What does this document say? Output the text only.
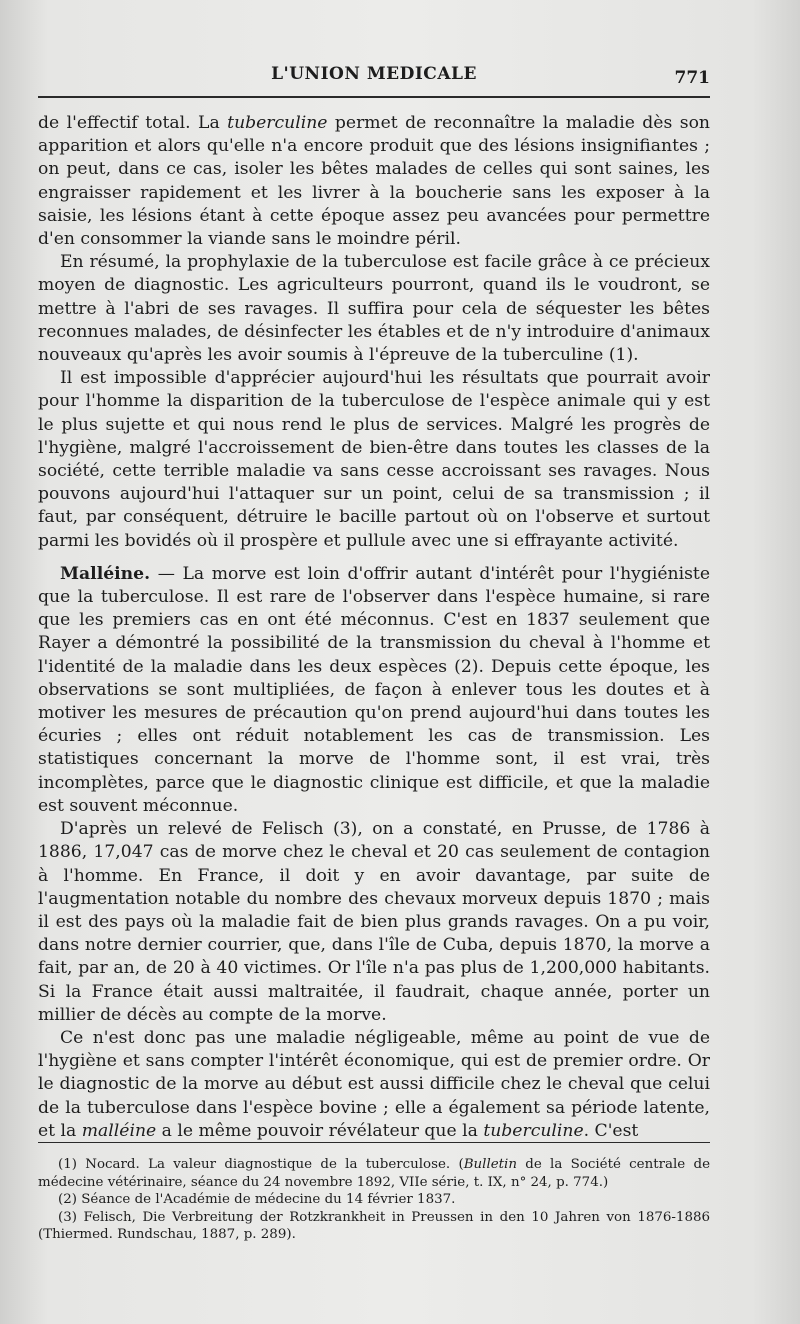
L'UNION MEDICALE	771

de l'effectif total. La tuberculine permet de reconnaître la maladie dès son apparition et alors qu'elle n'a encore produit que des lésions insignifiantes ; on peut, dans ce cas, isoler les bêtes malades de celles qui sont saines, les engraisser rapidement et les livrer à la boucherie sans les exposer à la saisie, les lésions étant à cette époque assez peu avancées pour permettre d'en consommer la viande sans le moindre péril.

En résumé, la prophylaxie de la tuberculose est facile grâce à ce précieux moyen de diagnostic. Les agriculteurs pourront, quand ils le voudront, se mettre à l'abri de ses ravages. Il suffira pour cela de séquester les bêtes reconnues malades, de désinfecter les étables et de n'y introduire d'animaux nouveaux qu'après les avoir soumis à l'épreuve de la tuberculine (1).

Il est impossible d'apprécier aujourd'hui les résultats que pourrait avoir pour l'homme la disparition de la tuberculose de l'espèce animale qui y est le plus sujette et qui nous rend le plus de services. Malgré les progrès de l'hygiène, malgré l'accroissement de bien-être dans toutes les classes de la société, cette terrible maladie va sans cesse accroissant ses ravages. Nous pouvons aujourd'hui l'attaquer sur un point, celui de sa transmission ; il faut, par conséquent, détruire le bacille partout où on l'observe et surtout parmi les bovidés où il prospère et pullule avec une si effrayante activité.

Malléine. — La morve est loin d'offrir autant d'intérêt pour l'hygiéniste que la tuberculose. Il est rare de l'observer dans l'espèce humaine, si rare que les premiers cas en ont été méconnus. C'est en 1837 seulement que Rayer a démontré la possibilité de la transmission du cheval à l'homme et l'identité de la maladie dans les deux espèces (2). Depuis cette époque, les observations se sont multipliées, de façon à enlever tous les doutes et à motiver les mesures de précaution qu'on prend aujourd'hui dans toutes les écuries ; elles ont réduit notablement les cas de transmission. Les statistiques concernant la morve de l'homme sont, il est vrai, très incomplètes, parce que le diagnostic clinique est difficile, et que la maladie est souvent méconnue.

D'après un relevé de Felisch (3), on a constaté, en Prusse, de 1786 à 1886, 17,047 cas de morve chez le cheval et 20 cas seulement de contagion à l'homme. En France, il doit y en avoir davantage, par suite de l'augmentation notable du nombre des chevaux morveux depuis 1870 ; mais il est des pays où la maladie fait de bien plus grands ravages. On a pu voir, dans notre dernier courrier, que, dans l'île de Cuba, depuis 1870, la morve a fait, par an, de 20 à 40 victimes. Or l'île n'a pas plus de 1,200,000 habitants. Si la France était aussi maltraitée, il faudrait, chaque année, porter un millier de décès au compte de la morve.

Ce n'est donc pas une maladie négligeable, même au point de vue de l'hygiène et sans compter l'intérêt économique, qui est de premier ordre. Or le diagnostic de la morve au début est aussi difficile chez le cheval que celui de la tuberculose dans l'espèce bovine ; elle a également sa période latente, et la malléine a le même pouvoir révélateur que la tuberculine. C'est

(1) Nocard. La valeur diagnostique de la tuberculose. (Bulletin de la Société centrale de médecine vétérinaire, séance du 24 novembre 1892, VIIe série, t. IX, n° 24, p. 774.)

(2) Séance de l'Académie de médecine du 14 février 1837.

(3) Felisch, Die Verbreitung der Rotzkrankheit in Preussen in den 10 Jahren von 1876-1886 (Thiermed. Rundschau, 1887, p. 289).
